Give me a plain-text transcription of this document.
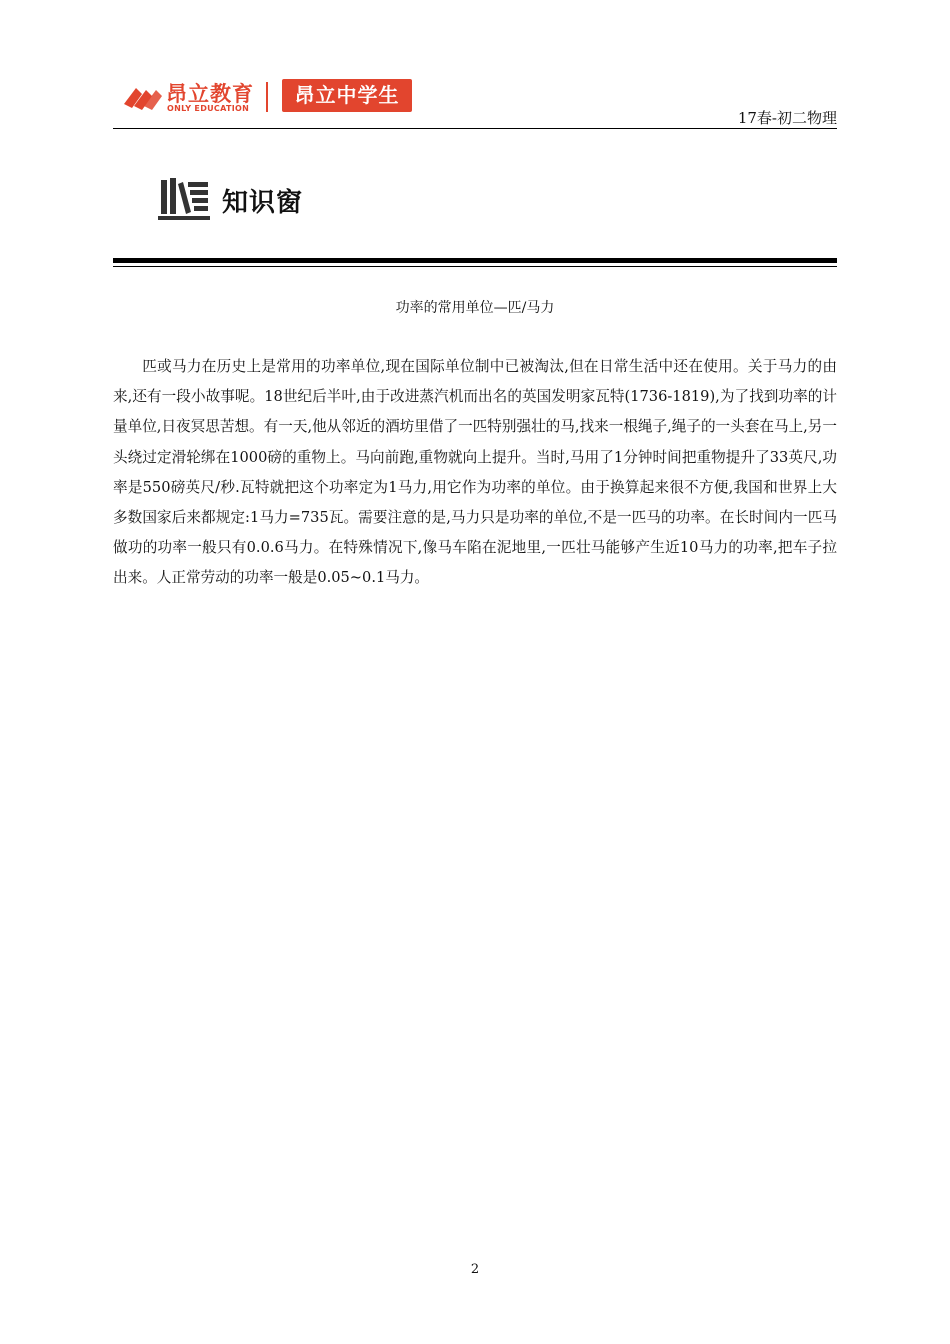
昂立教育
ONLY EDUCATION
昂立中学生
17春-初二物理
知识窗
功率的常用单位—匹/马力

匹或马力在历史上是常用的功率单位,现在国际单位制中已被淘汰,但在日常生活中还在使用。关于马力的由来,还有一段小故事呢。18世纪后半叶,由于改进蒸汽机而出名的英国发明家瓦特(1736-1819),为了找到功率的计量单位,日夜冥思苦想。有一天,他从邻近的酒坊里借了一匹特别强壮的马,找来一根绳子,绳子的一头套在马上,另一头绕过定滑轮绑在1000磅的重物上。马向前跑,重物就向上提升。当时,马用了1分钟时间把重物提升了33英尺,功率是550磅英尺/秒.瓦特就把这个功率定为1马力,用它作为功率的单位。由于换算起来很不方便,我国和世界上大多数国家后来都规定:1马力=735瓦。需要注意的是,马力只是功率的单位,不是一匹马的功率。在长时间内一匹马做功的功率一般只有0.0.6马力。在特殊情况下,像马车陷在泥地里,一匹壮马能够产生近10马力的功率,把车子拉出来。人正常劳动的功率一般是0.05~0.1马力。

2
